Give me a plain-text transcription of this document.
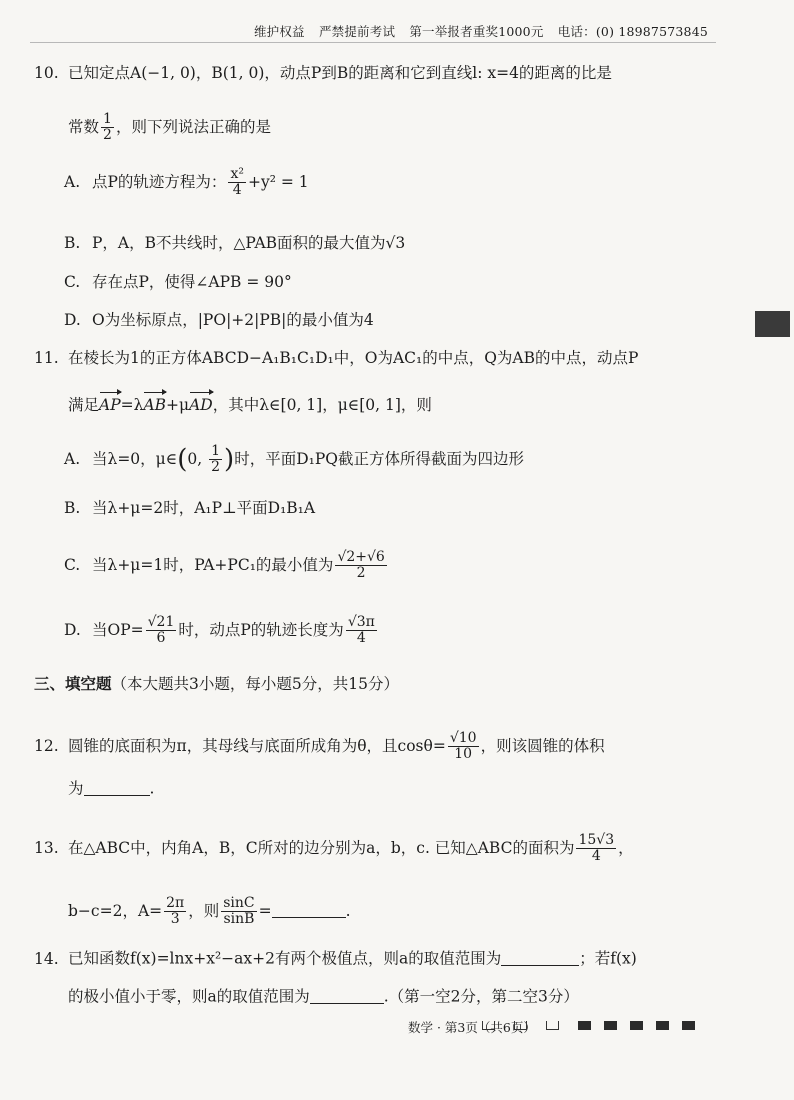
维护权益 严禁提前考试 第一举报者重奖1000元 电话：(0) 18987573845
10. 已知定点A(−1, 0)，B(1, 0)，动点P到B的距离和它到直线l: x=4的距离的比是
常数 $\frac{1}{2}$ ，则下列说法正确的是
A. 点P的轨迹方程为： $\frac{\text{x²}}{4} +y^2 = 1$
B. P，A，B不共线时，△PAB面积的最大值为√3
C. 存在点P，使得∠APB = 90°
D. O为坐标原点，|PO|+2|PB|的最小值为4
11. 在棱长为1的正方体ABCD−A₁B₁C₁D₁中，O为AC₁的中点，Q为AB的中点，动点P
满足AP=λAB+μAD，其中λ∈[0, 1]，μ∈[0, 1]，则
A. 当λ=0，μ∈(0, $\frac{1}{2}$ )时，平面D₁PQ截正方体所得截面为四边形
B. 当λ+μ=2时，A₁P⊥平面D₁B₁A
C. 当λ+μ=1时，PA+PC₁的最小值为 $\frac{√2+√6}{2}$
D. 当$OP= \frac{√21}{6}$ 时，动点P的轨迹长度为 $\frac{√3\pi}{4}$
三、填空题（本大题共3小题，每小题5分，共15分）
12. 圆锥的底面积为π，其母线与底面所成角为θ，且$\cos\theta= \frac{√10}{10}$ ，则该圆锥的体积
为	.
13. 在△ABC中，内角A，B，C所对的边分别为a，b，c. 已知△ABC的面积为 $\frac{15√3}{4}$ ，
b−c=2，$A= \frac{2\pi}{3}$ ，则 $\frac{\sin C}{\sin B}$ =	.
14. 已知函数f(x)=lnx+x²−ax+2有两个极值点，则a的取值范围为	；若f(x)
的极小值小于零，则a的取值范围为	.（第一空2分，第二空3分）
数学 · 第3页（共6页）
